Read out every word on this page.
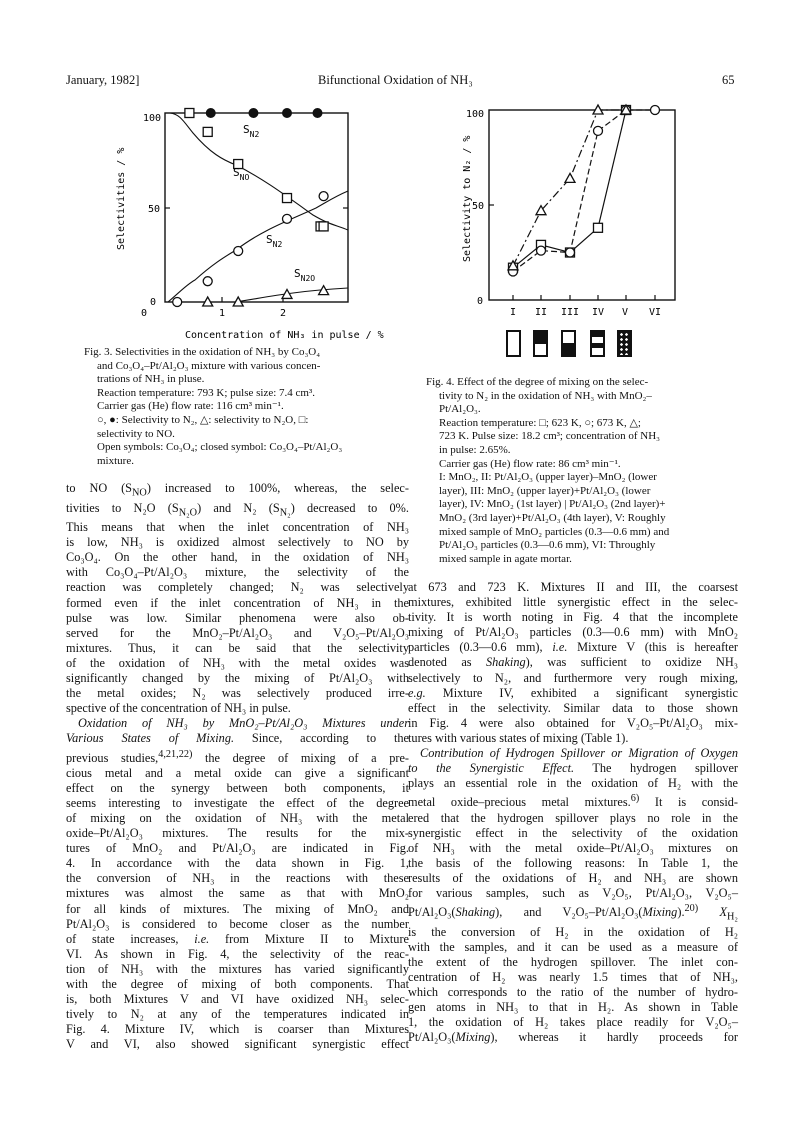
January, 1982]	Bifunctional Oxidation of NH₃	65
100
50
0
0	1	2
Selectivities / %
Concentration of NH₃ in pulse / %
$S_{N2}$
$S_{NO}$
$S_{N2}$
$S_{N2O}$

Fig. 3. Selectivities in the oxidation of NH₃ by Co₃O₄

and Co₃O₄–Pt/Al₂O₃ mixture with various concen-

trations of NH₃ in pluse.

Reaction temperature: 793 K; pulse size: 7.4 cm³.

Carrier gas (He) flow rate: 116 cm³ min⁻¹.

○, ●: Selectivity to N₂, △: selectivity to N₂O, □:

selectivity to NO.

Open symbols: Co₃O₄; closed symbol: Co₃O₄–Pt/Al₂O₃

mixture.

100
50
0
Selectivity to N₂ / %
I II III IV V VI

Fig. 4. Effect of the degree of mixing on the selec-

tivity to N₂ in the oxidation of NH₃ with MnO₂–

Pt/Al₂O₃.

Reaction temperature: □; 623 K, ○; 673 K, △;

723 K. Pulse size: 18.2 cm³; concentration of NH₃

in pulse: 2.65%.

Carrier gas (He) flow rate: 86 cm³ min⁻¹.

I: MnO₂, II: Pt/Al₂O₃ (upper layer)–MnO₂ (lower

layer), III: MnO₂ (upper layer)+Pt/Al₂O₃ (lower

layer), IV: MnO₂ (1st layer) | Pt/Al₂O₃ (2nd layer)+

MnO₂ (3rd layer)+Pt/Al₂O₃ (4th layer), V: Roughly

mixed sample of MnO₂ particles (0.3—0.6 mm) and

Pt/Al₂O₃ particles (0.3—0.6 mm), VI: Throughly

mixed sample in agate mortar.

to NO $(S_{NO})$ increased to 100%, whereas, the selec-

tivities to N₂O $(S_{N_2O})$ and N₂ $(S_{N_2})$ decreased to 0%.

This means that when the inlet concentration of NH₃

is low, NH₃ is oxidized almost selectively to NO by

Co₃O₄. On the other hand, in the oxidation of NH₃

with Co₃O₄–Pt/Al₂O₃ mixture, the selectivity of the

reaction was completely changed; N₂ was selectively

formed even if the inlet concentration of NH₃ in the

pulse was low. Similar phenomena were also ob-

served for the MnO₂–Pt/Al₂O₃ and V₂O₅–Pt/Al₂O₃

mixtures. Thus, it can be said that the selectivity

of the oxidation of NH₃ with the metal oxides was

significantly changed by the mixing of Pt/Al₂O₃ with

the metal oxides; N₂ was selectively produced irre-

spective of the concentration of NH₃ in pulse.

Oxidation of NH₃ by MnO₂–Pt/Al₂O₃ Mixtures under

Various States of Mixing. Since, according to the

previous studies,$^{4,21,22)}$ the degree of mixing of a pre-

cious metal and a metal oxide can give a significant

effect on the synergy between both components, it

seems interesting to investigate the effect of the degree

of mixing on the oxidation of NH₃ with the metal

oxide–Pt/Al₂O₃ mixtures. The results for the mix-

tures of MnO₂ and Pt/Al₂O₃ are indicated in Fig.

4. In accordance with the data shown in Fig. 1,

the conversion of NH₃ in the reactions with these

mixtures was almost the same as that with MnO₂

for all kinds of mixtures. The mixing of MnO₂ and

Pt/Al₂O₃ is considered to become closer as the number

of state increases, i.e. from Mixture II to Mixture

VI. As shown in Fig. 4, the selectivity of the reac-

tion of NH₃ with the mixtures has varied significantly

with the degree of mixing of both components. That

is, both Mixtures V and VI have oxidized NH₃ selec-

tively to N₂ at any of the temperatures indicated in

Fig. 4. Mixture IV, which is coarser than Mixtures

V and VI, also showed significant synergistic effect

at 673 and 723 K. Mixtures II and III, the coarsest

mixtures, exhibited little synergistic effect in the selec-

tivity. It is worth noting in Fig. 4 that the incomplete

mixing of Pt/Al₂O₃ particles (0.3—0.6 mm) with MnO₂

particles (0.3—0.6 mm), i.e. Mixture V (this is hereafter

denoted as Shaking), was sufficient to oxidize NH₃

selectively to N₂, and furthermore very rough mixing,

e.g. Mixture IV, exhibited a significant synergistic

effect in the selectivity. Similar data to those shown

in Fig. 4 were also obtained for V₂O₅–Pt/Al₂O₃ mix-

tures with various states of mixing (Table 1).

Contribution of Hydrogen Spillover or Migration of Oxygen

to the Synergistic Effect. The hydrogen spillover

plays an essential role in the oxidation of H₂ with the

metal oxide–precious metal mixtures.$^{6)}$ It is consid-

ered that the hydrogen spillover plays no role in the

synergistic effect in the selectivity of the oxidation

of NH₃ with the metal oxide–Pt/Al₂O₃ mixtures on

the basis of the following reasons: In Table 1, the

results of the oxidations of H₂ and NH₃ are shown

for various samples, such as V₂O₅, Pt/Al₂O₃, V₂O₅–

Pt/Al₂O₃(Shaking), and V₂O₅–Pt/Al₂O₃(Mixing).$^{20)}$ $X_{H_2}$

is the conversion of H₂ in the oxidation of H₂

with the samples, and it can be used as a measure of

the extent of the hydrogen spillover. The inlet con-

centration of H₂ was nearly 1.5 times that of NH₃,

which corresponds to the ratio of the number of hydro-

gen atoms in NH₃ to that in H₂. As shown in Table

1, the oxidation of H₂ takes place readily for V₂O₅–

Pt/Al₂O₃(Mixing), whereas it hardly proceeds for
